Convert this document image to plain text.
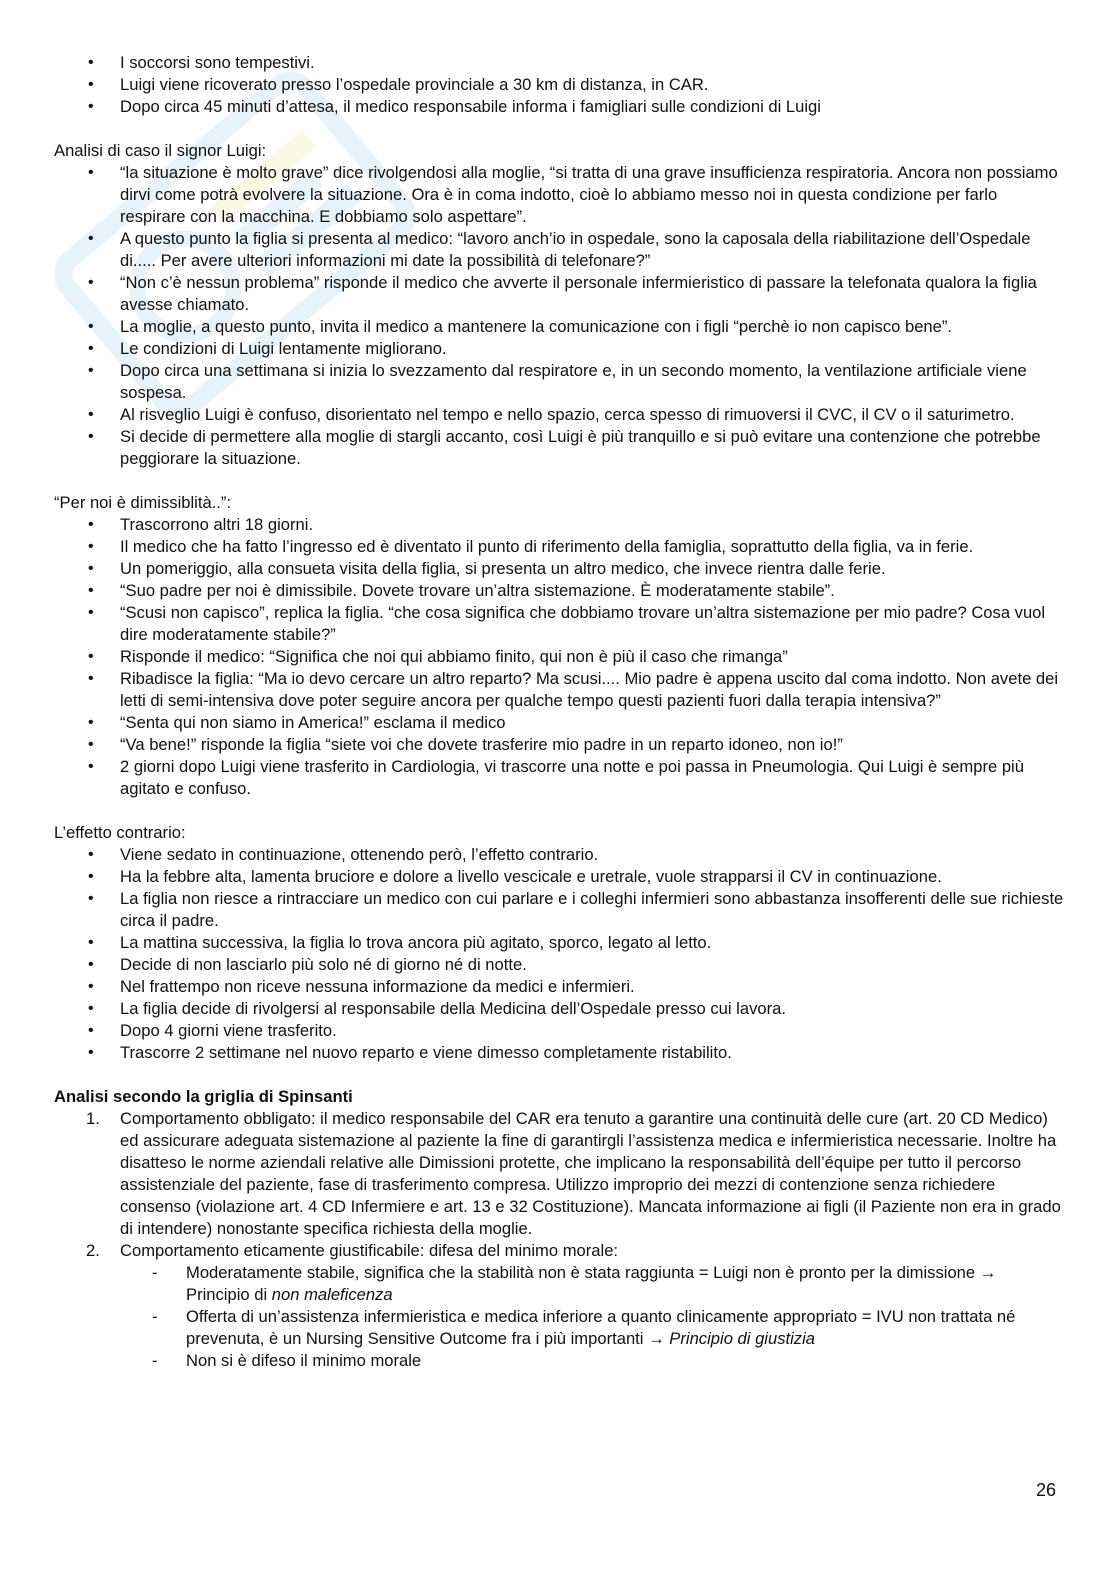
• I soccorsi sono tempestivi.
• Luigi viene ricoverato presso l’ospedale provinciale a 30 km di distanza, in CAR.
• Dopo circa 45 minuti d’attesa, il medico responsabile informa i famigliari sulle condizioni di Luigi

Analisi di caso il signor Luigi:

• “la situazione è molto grave” dice rivolgendosi alla moglie, “si tratta di una grave insufficienza respiratoria. Ancora non possiamo dirvi come potrà evolvere la situazione. Ora è in coma indotto, cioè lo abbiamo messo noi in questa condizione per farlo respirare con la macchina. E dobbiamo solo aspettare”.
• A questo punto la figlia si presenta al medico: “lavoro anch’io in ospedale, sono la caposala della riabilitazione dell’Ospedale di..... Per avere ulteriori informazioni mi date la possibilità di telefonare?”
• “Non c’è nessun problema” risponde il medico che avverte il personale infermieristico di passare la telefonata qualora la figlia avesse chiamato.
• La moglie, a questo punto, invita il medico a mantenere la comunicazione con i figli “perchè io non capisco bene”.
• Le condizioni di Luigi lentamente migliorano.
• Dopo circa una settimana si inizia lo svezzamento dal respiratore e, in un secondo momento, la ventilazione artificiale viene sospesa.
• Al risveglio Luigi è confuso, disorientato nel tempo e nello spazio, cerca spesso di rimuoversi il CVC, il CV o il saturimetro.
• Si decide di permettere alla moglie di stargli accanto, così Luigi è più tranquillo e si può evitare una contenzione che potrebbe peggiorare la situazione.

“Per noi è dimissiblità..”:

• Trascorrono altri 18 giorni.
• Il medico che ha fatto l’ingresso ed è diventato il punto di riferimento della famiglia, soprattutto della figlia, va in ferie.
• Un pomeriggio, alla consueta visita della figlia, si presenta un altro medico, che invece rientra dalle ferie.
• “Suo padre per noi è dimissibile. Dovete trovare un’altra sistemazione. È moderatamente stabile”.
• “Scusi non capisco”, replica la figlia. “che cosa significa che dobbiamo trovare un’altra sistemazione per mio padre? Cosa vuol dire moderatamente stabile?”
• Risponde il medico: “Significa che noi qui abbiamo finito, qui non è più il caso che rimanga”
• Ribadisce la figlia: “Ma io devo cercare un altro reparto? Ma scusi.... Mio padre è appena uscito dal coma indotto. Non avete dei letti di semi-intensiva dove poter seguire ancora per qualche tempo questi pazienti fuori dalla terapia intensiva?”
• “Senta qui non siamo in America!” esclama il medico
• “Va bene!” risponde la figlia “siete voi che dovete trasferire mio padre in un reparto idoneo, non io!”
• 2 giorni dopo Luigi viene trasferito in Cardiologia, vi trascorre una notte e poi passa in Pneumologia. Qui Luigi è sempre più agitato e confuso.

L’effetto contrario:

• Viene sedato in continuazione, ottenendo però, l’effetto contrario.
• Ha la febbre alta, lamenta bruciore e dolore a livello vescicale e uretrale, vuole strapparsi il CV in continuazione.
• La figlia non riesce a rintracciare un medico con cui parlare e i colleghi infermieri sono abbastanza insofferenti delle sue richieste circa il padre.
• La mattina successiva, la figlia lo trova ancora più agitato, sporco, legato al letto.
• Decide di non lasciarlo più solo né di giorno né di notte.
• Nel frattempo non riceve nessuna informazione da medici e infermieri.
• La figlia decide di rivolgersi al responsabile della Medicina dell’Ospedale presso cui lavora.
• Dopo 4 giorni viene trasferito.
• Trascorre 2 settimane nel nuovo reparto e viene dimesso completamente ristabilito.

Analisi secondo la griglia di Spinsanti

1. Comportamento obbligato: il medico responsabile del CAR era tenuto a garantire una continuità delle cure (art. 20 CD Medico) ed assicurare adeguata sistemazione al paziente la fine di garantirgli l’assistenza medica e infermieristica necessarie. Inoltre ha disatteso le norme aziendali relative alle Dimissioni protette, che implicano la responsabilità dell’équipe per tutto il percorso assistenziale del paziente, fase di trasferimento compresa. Utilizzo improprio dei mezzi di contenzione senza richiedere consenso (violazione art. 4 CD Infermiere e art. 13 e 32 Costituzione). Mancata informazione ai figli (il Paziente non era in grado di intendere) nonostante specifica richiesta della moglie.
2. Comportamento eticamente giustificabile: difesa del minimo morale:
- Moderatamente stabile, significa che la stabilità non è stata raggiunta = Luigi non è pronto per la dimissione → Principio di non maleficenza
- Offerta di un’assistenza infermieristica e medica inferiore a quanto clinicamente appropriato = IVU non trattata né prevenuta, è un Nursing Sensitive Outcome fra i più importanti → Principio di giustizia
- Non si è difeso il minimo morale
26
